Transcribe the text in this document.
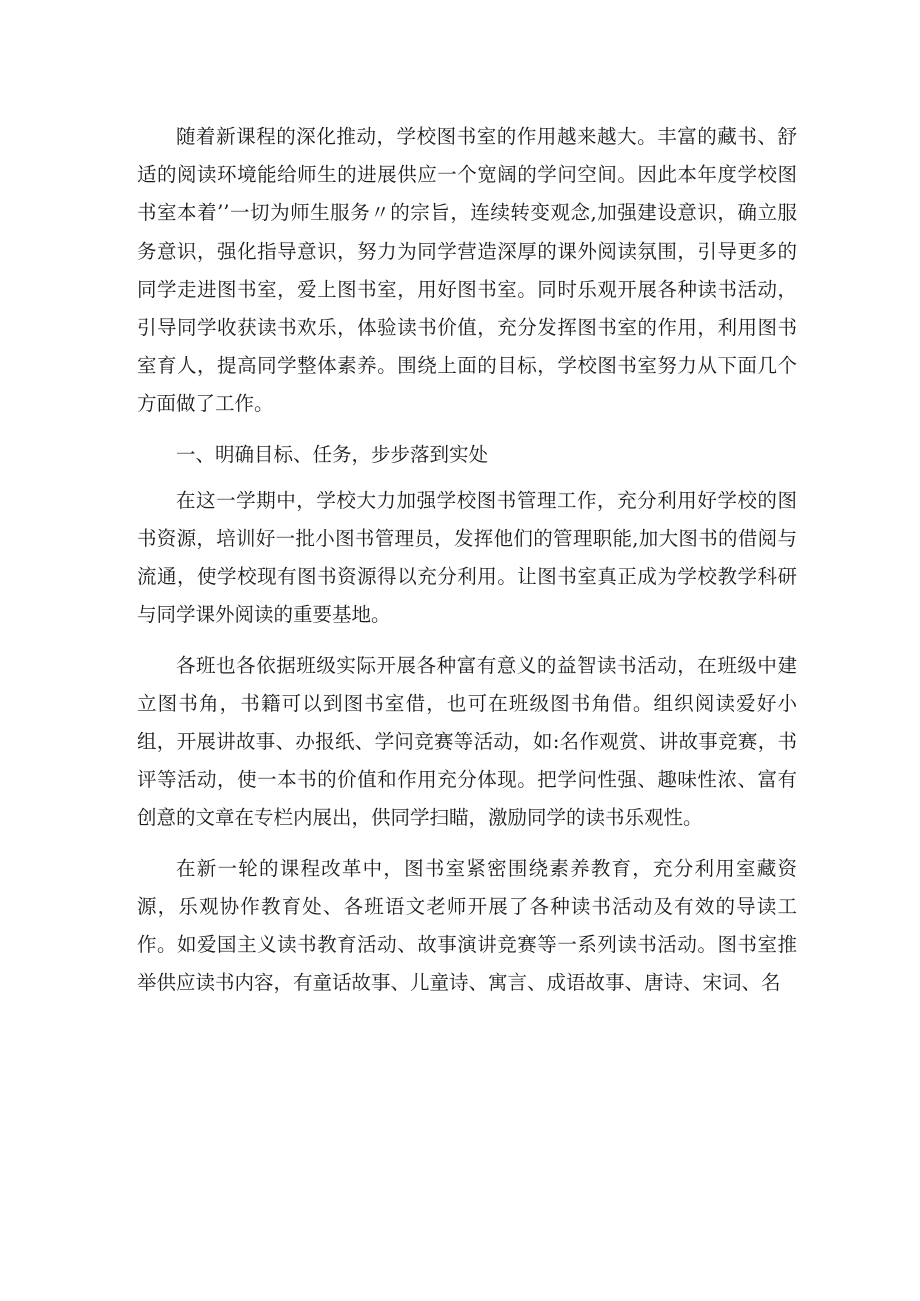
随着新课程的深化推动，学校图书室的作用越来越大。丰富的藏书、舒适的阅读环境能给师生的进展供应一个宽阔的学问空间。因此本年度学校图书室本着’’一切为师生服务〃的宗旨，连续转变观念,加强建设意识，确立服务意识，强化指导意识，努力为同学营造深厚的课外阅读氛围，引导更多的同学走进图书室，爱上图书室，用好图书室。同时乐观开展各种读书活动，引导同学收获读书欢乐，体验读书价值，充分发挥图书室的作用，利用图书室育人，提高同学整体素养。围绕上面的目标，学校图书室努力从下面几个方面做了工作。

一、明确目标、任务，步步落到实处

在这一学期中，学校大力加强学校图书管理工作，充分利用好学校的图书资源，培训好一批小图书管理员，发挥他们的管理职能,加大图书的借阅与流通，使学校现有图书资源得以充分利用。让图书室真正成为学校教学科研与同学课外阅读的重要基地。

各班也各依据班级实际开展各种富有意义的益智读书活动，在班级中建立图书角，书籍可以到图书室借，也可在班级图书角借。组织阅读爱好小组，开展讲故事、办报纸、学问竞赛等活动，如:名作观赏、讲故事竞赛，书评等活动，使一本书的价值和作用充分体现。把学问性强、趣味性浓、富有创意的文章在专栏内展出，供同学扫瞄，激励同学的读书乐观性。

在新一轮的课程改革中，图书室紧密围绕素养教育，充分利用室藏资源，乐观协作教育处、各班语文老师开展了各种读书活动及有效的导读工作。如爱国主义读书教育活动、故事演讲竞赛等一系列读书活动。图书室推举供应读书内容，有童话故事、儿童诗、寓言、成语故事、唐诗、宋词、名
